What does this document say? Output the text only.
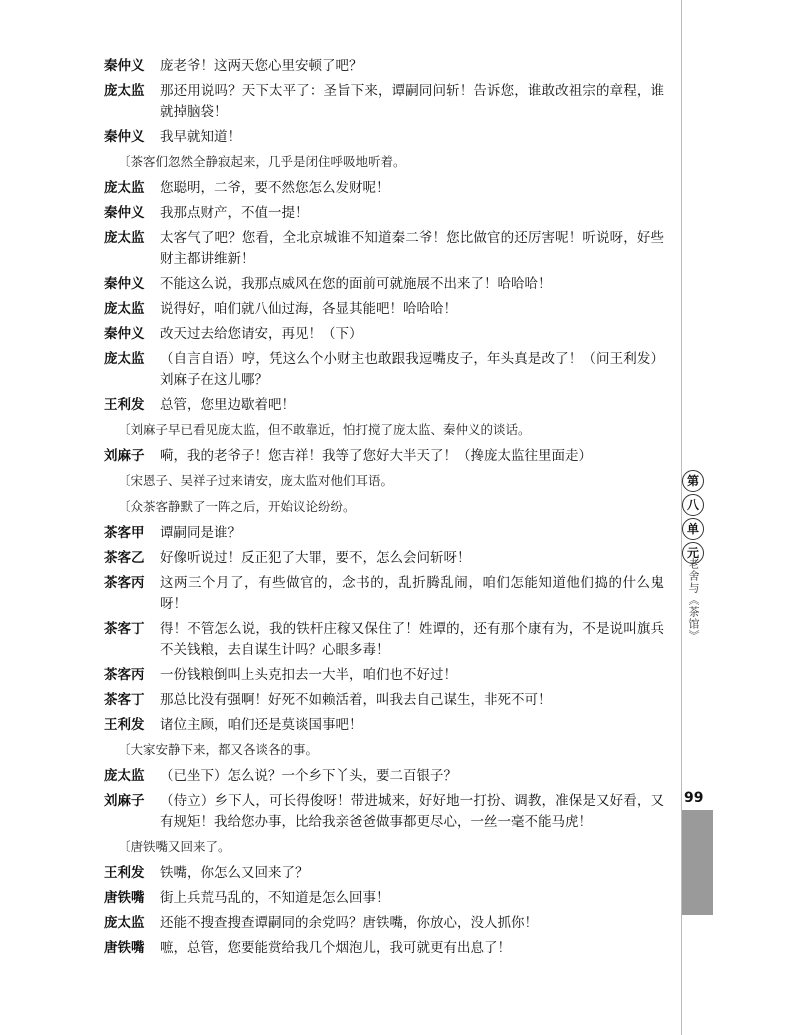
秦仲义	庞老爷！这两天您心里安顿了吧？
庞太监	那还用说吗？天下太平了：圣旨下来，谭嗣同问斩！告诉您，谁敢改祖宗的章程，谁就掉脑袋！
秦仲义	我早就知道！
〔茶客们忽然全静寂起来，几乎是闭住呼吸地听着。
庞太监	您聪明，二爷，要不然您怎么发财呢！
秦仲义	我那点财产，不值一提！
庞太监	太客气了吧？您看，全北京城谁不知道秦二爷！您比做官的还厉害呢！听说呀，好些财主都讲维新！
秦仲义	不能这么说，我那点威风在您的面前可就施展不出来了！哈哈哈！
庞太监	说得好，咱们就八仙过海，各显其能吧！哈哈哈！
秦仲义	改天过去给您请安，再见！（下）
庞太监	（自言自语）哼，凭这么个小财主也敢跟我逗嘴皮子，年头真是改了！（问王利发）刘麻子在这儿哪？
王利发	总管，您里边歇着吧！
〔刘麻子早已看见庞太监，但不敢靠近，怕打搅了庞太监、秦仲义的谈话。
刘麻子	嗬，我的老爷子！您吉祥！我等了您好大半天了！（搀庞太监往里面走）
〔宋恩子、吴祥子过来请安，庞太监对他们耳语。
〔众茶客静默了一阵之后，开始议论纷纷。
茶客甲	谭嗣同是谁？
茶客乙	好像听说过！反正犯了大罪，要不，怎么会问斩呀！
茶客丙	这两三个月了，有些做官的，念书的，乱折腾乱闹，咱们怎能知道他们捣的什么鬼呀！
茶客丁	得！不管怎么说，我的铁杆庄稼又保住了！姓谭的，还有那个康有为，不是说叫旗兵不关钱粮，去自谋生计吗？心眼多毒！
茶客丙	一份钱粮倒叫上头克扣去一大半，咱们也不好过！
茶客丁	那总比没有强啊！好死不如赖活着，叫我去自己谋生，非死不可！
王利发	诸位主顾，咱们还是莫谈国事吧！
〔大家安静下来，都又各谈各的事。
庞太监	（已坐下）怎么说？一个乡下丫头，要二百银子？
刘麻子	（侍立）乡下人，可长得俊呀！带进城来，好好地一打扮、调教，准保是又好看，又有规矩！我给您办事，比给我亲爸爸做事都更尽心，一丝一毫不能马虎！
〔唐铁嘴又回来了。
王利发	铁嘴，你怎么又回来了？
唐铁嘴	街上兵荒马乱的，不知道是怎么回事！
庞太监	还能不搜查搜查谭嗣同的余党吗？唐铁嘴，你放心，没人抓你！
唐铁嘴	嗻，总管，您要能赏给我几个烟泡儿，我可就更有出息了！
第
八
单
元
老舍与《茶馆》
99
